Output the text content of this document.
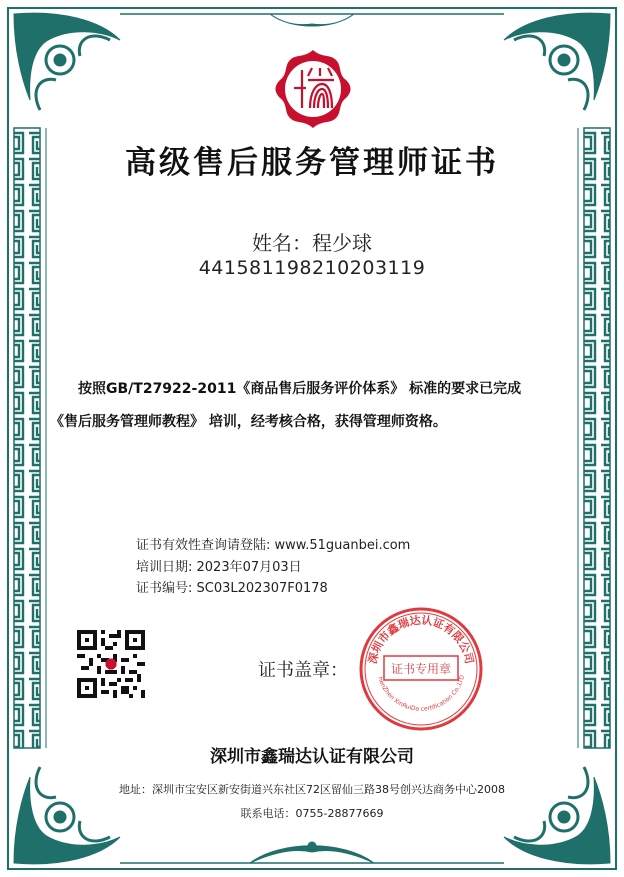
高级售后服务管理师证书
姓名：程少球
441581198210203119
按照GB/T27922-2011《商品售后服务评价体系》 标准的要求已完成
《售后服务管理师教程》 培训，经考核合格，获得管理师资格。
证书有效性查询请登陆: www.51guanbei.com
培训日期: 2023年07月03日
证书编号: SC03L202307F0178
证书盖章：
深圳市鑫瑞达认证有限公司
证书专用章
henZhen XinRuiDa certification Co.,LTD
深圳市鑫瑞达认证有限公司
地址：深圳市宝安区新安街道兴东社区72区留仙三路38号创兴达商务中心2008
联系电话：0755-28877669
